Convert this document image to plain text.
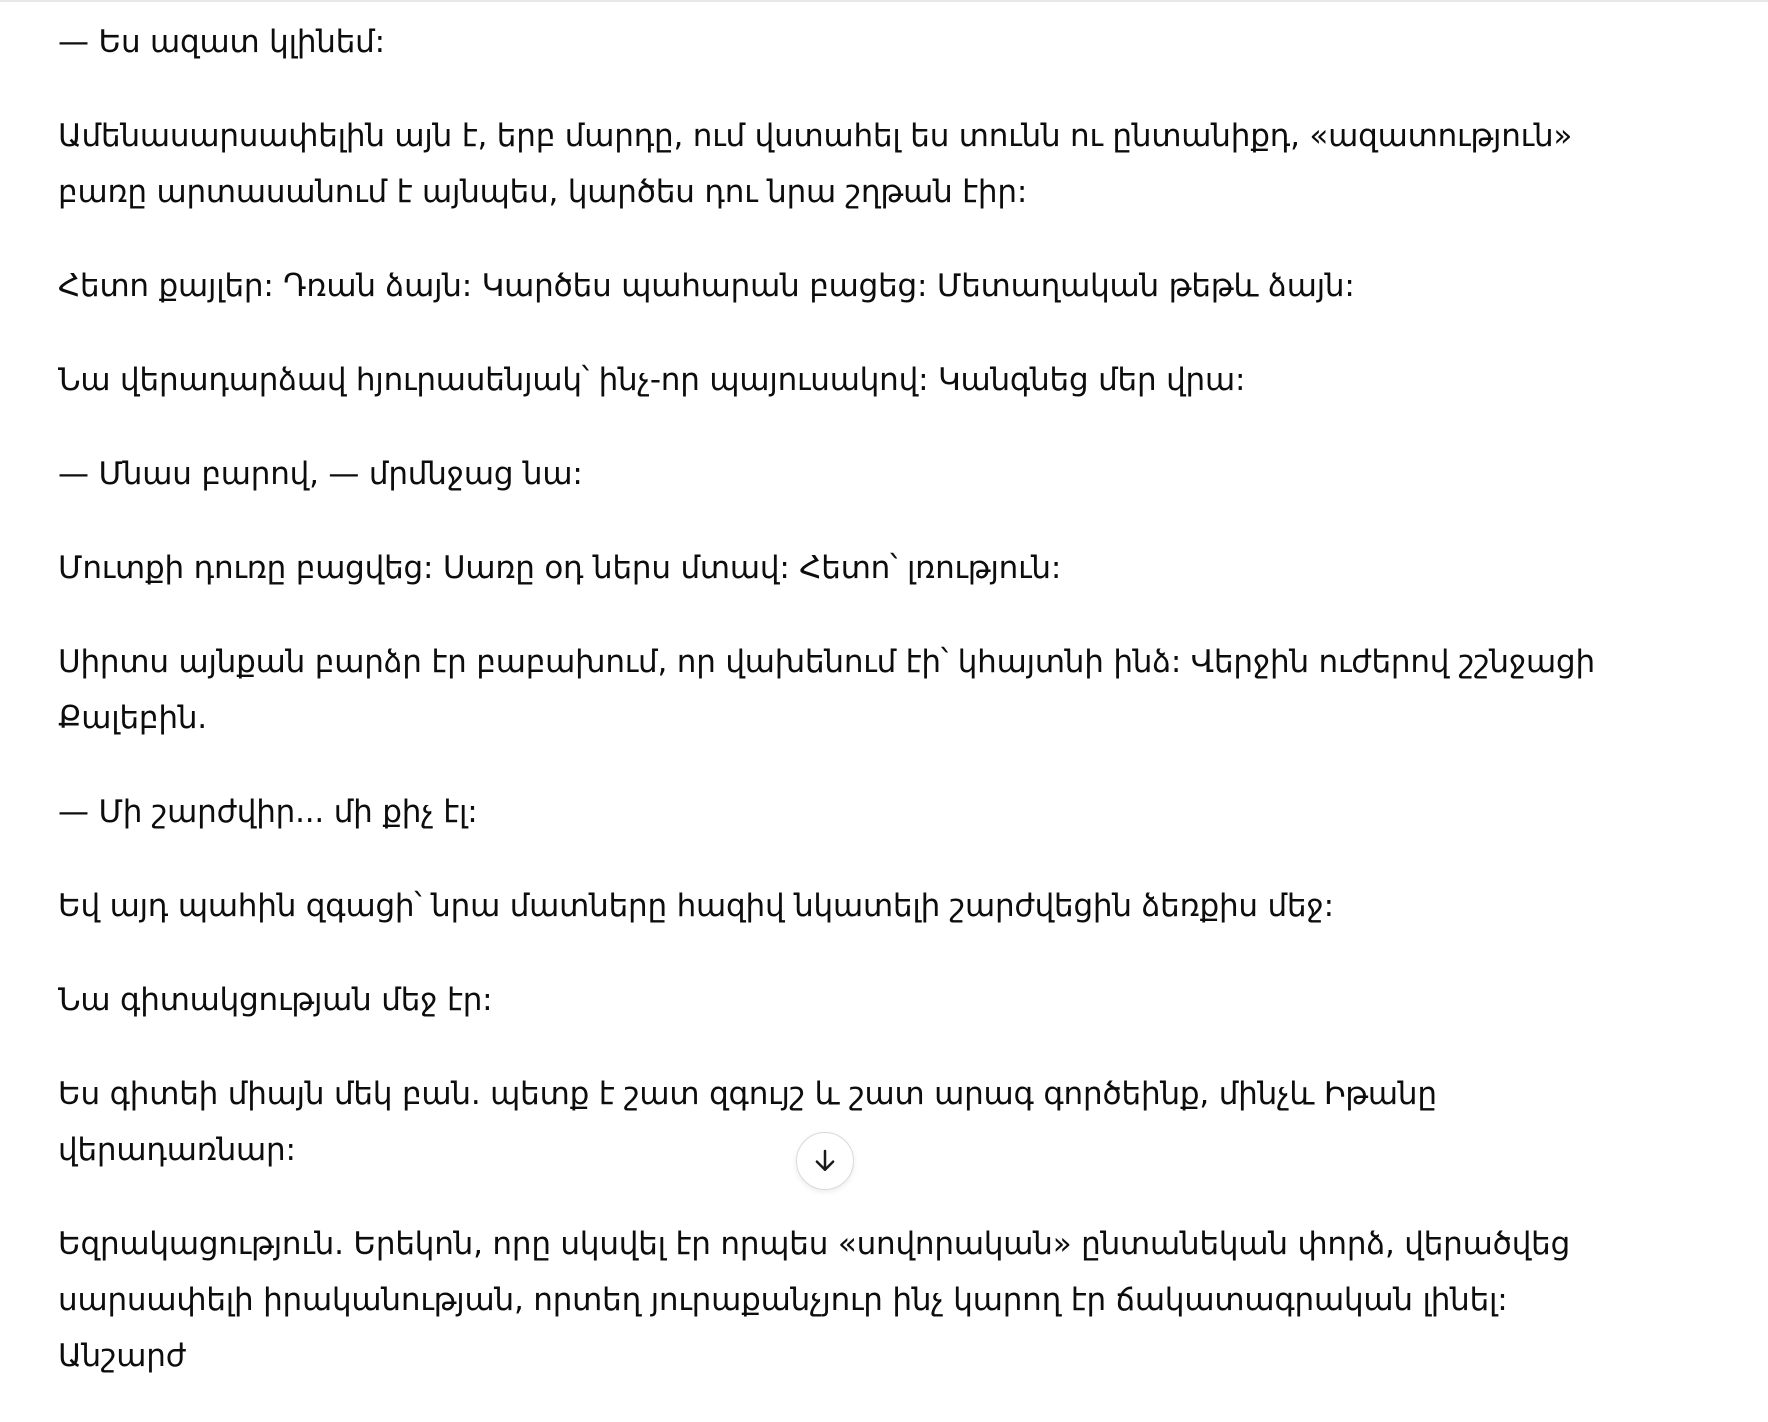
— Ես ազատ կլինեմ:

Ամենասարսափելին այն է, երբ մարդը, ում վստահել ես տունն ու ընտանիքդ, «ազատություն» բառը արտասանում է այնպես, կարծես դու նրա շղթան էիր:

Հետո քայլեր: Դռան ձայն: Կարծես պահարան բացեց: Մետաղական թեթև ձայն:

Նա վերադարձավ հյուրասենյակ՝ ինչ-որ պայուսակով: Կանգնեց մեր վրա:

— Մնաս բարով, — մրմնջաց նա:

Մուտքի դուռը բացվեց: Սառը օդ ներս մտավ: Հետո՝ լռություն:

Սիրտս այնքան բարձր էր բաբախում, որ վախենում էի՝ կհայտնի ինձ: Վերջին ուժերով շշնջացի Քալեբին.

— Մի շարժվիր... մի քիչ էլ:

Եվ այդ պահին զգացի՝ նրա մատները հազիվ նկատելի շարժվեցին ձեռքիս մեջ:

Նա գիտակցության մեջ էր:

Ես գիտեի միայն մեկ բան. պետք է շատ զգույշ և շատ արագ գործեինք, մինչև Իթանը վերադառնար:

Եզրակացություն. Երեկոն, որը սկսվել էր որպես «սովորական» ընտանեկան փորձ, վերածվեց սարսափելի իրականության, որտեղ յուրաքանչյուր ինչ կարող էր ճակատագրական լինել: Անշարժ
